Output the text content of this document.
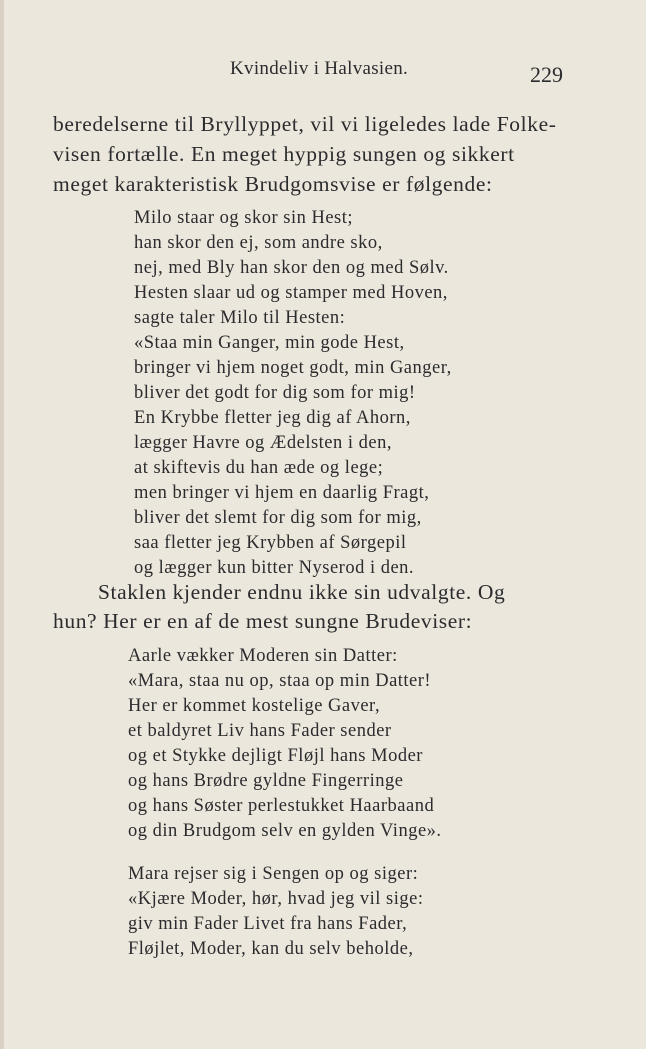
Kvindeliv i Halvasien.	229

beredelserne til Bryllyppet, vil vi ligeledes lade Folke-

visen fortælle. En meget hyppig sungen og sikkert

meget karakteristisk Brudgomsvise er følgende:

Milo staar og skor sin Hest;
han skor den ej, som andre sko,
nej, med Bly han skor den og med Sølv.
Hesten slaar ud og stamper med Hoven,
sagte taler Milo til Hesten:
«Staa min Ganger, min gode Hest,
bringer vi hjem noget godt, min Ganger,
bliver det godt for dig som for mig!
En Krybbe fletter jeg dig af Ahorn,
lægger Havre og Ædelsten i den,
at skiftevis du han æde og lege;
men bringer vi hjem en daarlig Fragt,
bliver det slemt for dig som for mig,
saa fletter jeg Krybben af Sørgepil
og lægger kun bitter Nyserod i den.

Staklen kjender endnu ikke sin udvalgte. Og

hun? Her er en af de mest sungne Brudeviser:

Aarle vækker Moderen sin Datter:
«Mara, staa nu op, staa op min Datter!
Her er kommet kostelige Gaver,
et baldyret Liv hans Fader sender
og et Stykke dejligt Fløjl hans Moder
og hans Brødre gyldne Fingerringe
og hans Søster perlestukket Haarbaand
og din Brudgom selv en gylden Vinge».
Mara rejser sig i Sengen op og siger:
«Kjære Moder, hør, hvad jeg vil sige:
giv min Fader Livet fra hans Fader,
Fløjlet, Moder, kan du selv beholde,
